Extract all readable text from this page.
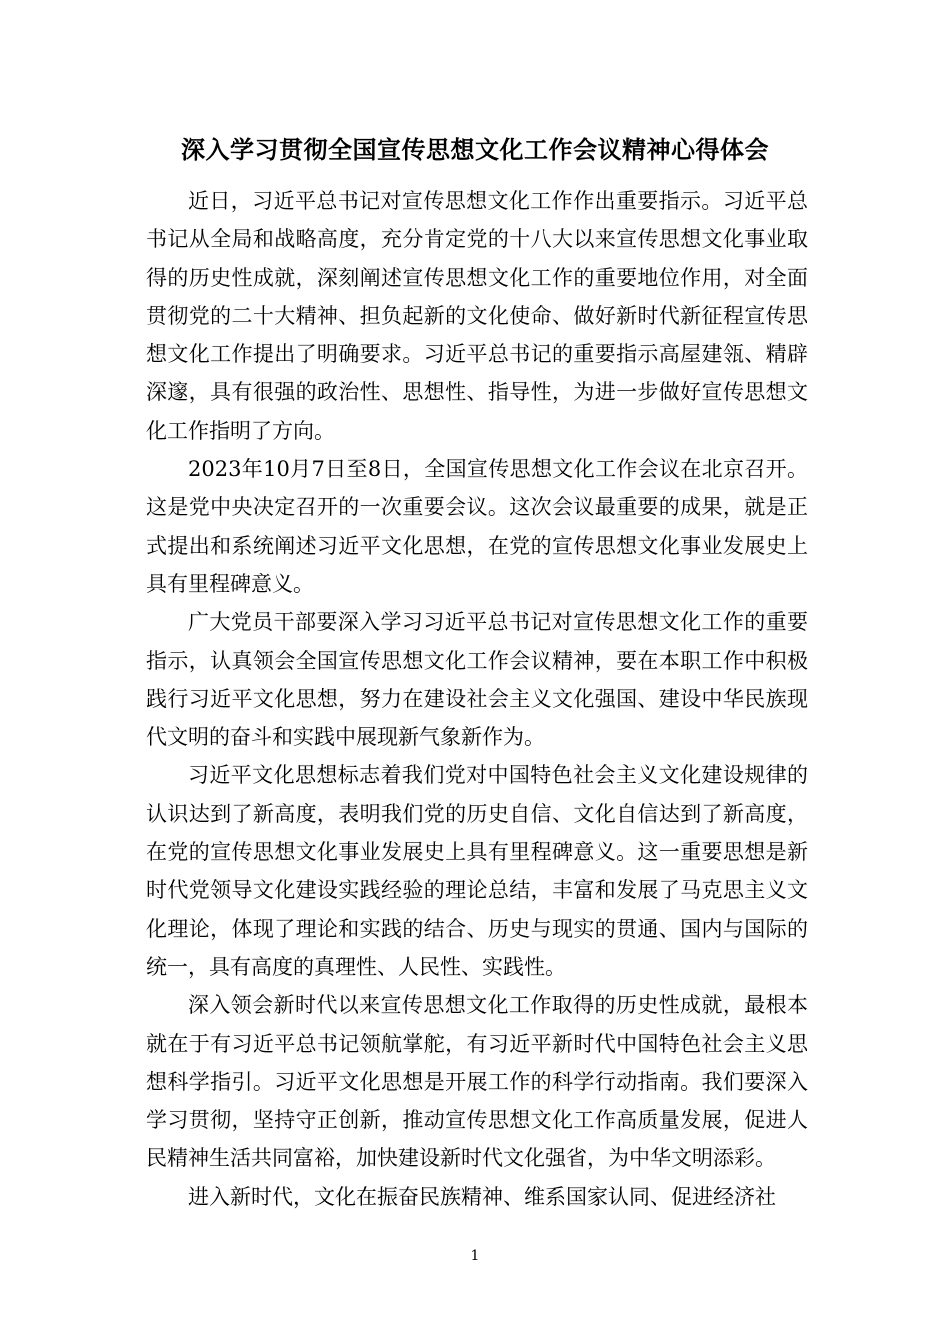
深入学习贯彻全国宣传思想文化工作会议精神心得体会

近日，习近平总书记对宣传思想文化工作作出重要指示。习近平总书记从全局和战略高度，充分肯定党的十八大以来宣传思想文化事业取得的历史性成就，深刻阐述宣传思想文化工作的重要地位作用，对全面贯彻党的二十大精神、担负起新的文化使命、做好新时代新征程宣传思想文化工作提出了明确要求。习近平总书记的重要指示高屋建瓴、精辟深邃，具有很强的政治性、思想性、指导性，为进一步做好宣传思想文化工作指明了方向。

2023年10月7日至8日，全国宣传思想文化工作会议在北京召开。这是党中央决定召开的一次重要会议。这次会议最重要的成果，就是正式提出和系统阐述习近平文化思想，在党的宣传思想文化事业发展史上具有里程碑意义。

广大党员干部要深入学习习近平总书记对宣传思想文化工作的重要指示，认真领会全国宣传思想文化工作会议精神，要在本职工作中积极践行习近平文化思想，努力在建设社会主义文化强国、建设中华民族现代文明的奋斗和实践中展现新气象新作为。

习近平文化思想标志着我们党对中国特色社会主义文化建设规律的认识达到了新高度，表明我们党的历史自信、文化自信达到了新高度，在党的宣传思想文化事业发展史上具有里程碑意义。这一重要思想是新时代党领导文化建设实践经验的理论总结，丰富和发展了马克思主义文化理论，体现了理论和实践的结合、历史与现实的贯通、国内与国际的统一，具有高度的真理性、人民性、实践性。

深入领会新时代以来宣传思想文化工作取得的历史性成就，最根本就在于有习近平总书记领航掌舵，有习近平新时代中国特色社会主义思想科学指引。习近平文化思想是开展工作的科学行动指南。我们要深入学习贯彻，坚持守正创新，推动宣传思想文化工作高质量发展，促进人民精神生活共同富裕，加快建设新时代文化强省，为中华文明添彩。

进入新时代，文化在振奋民族精神、维系国家认同、促进经济社

1
